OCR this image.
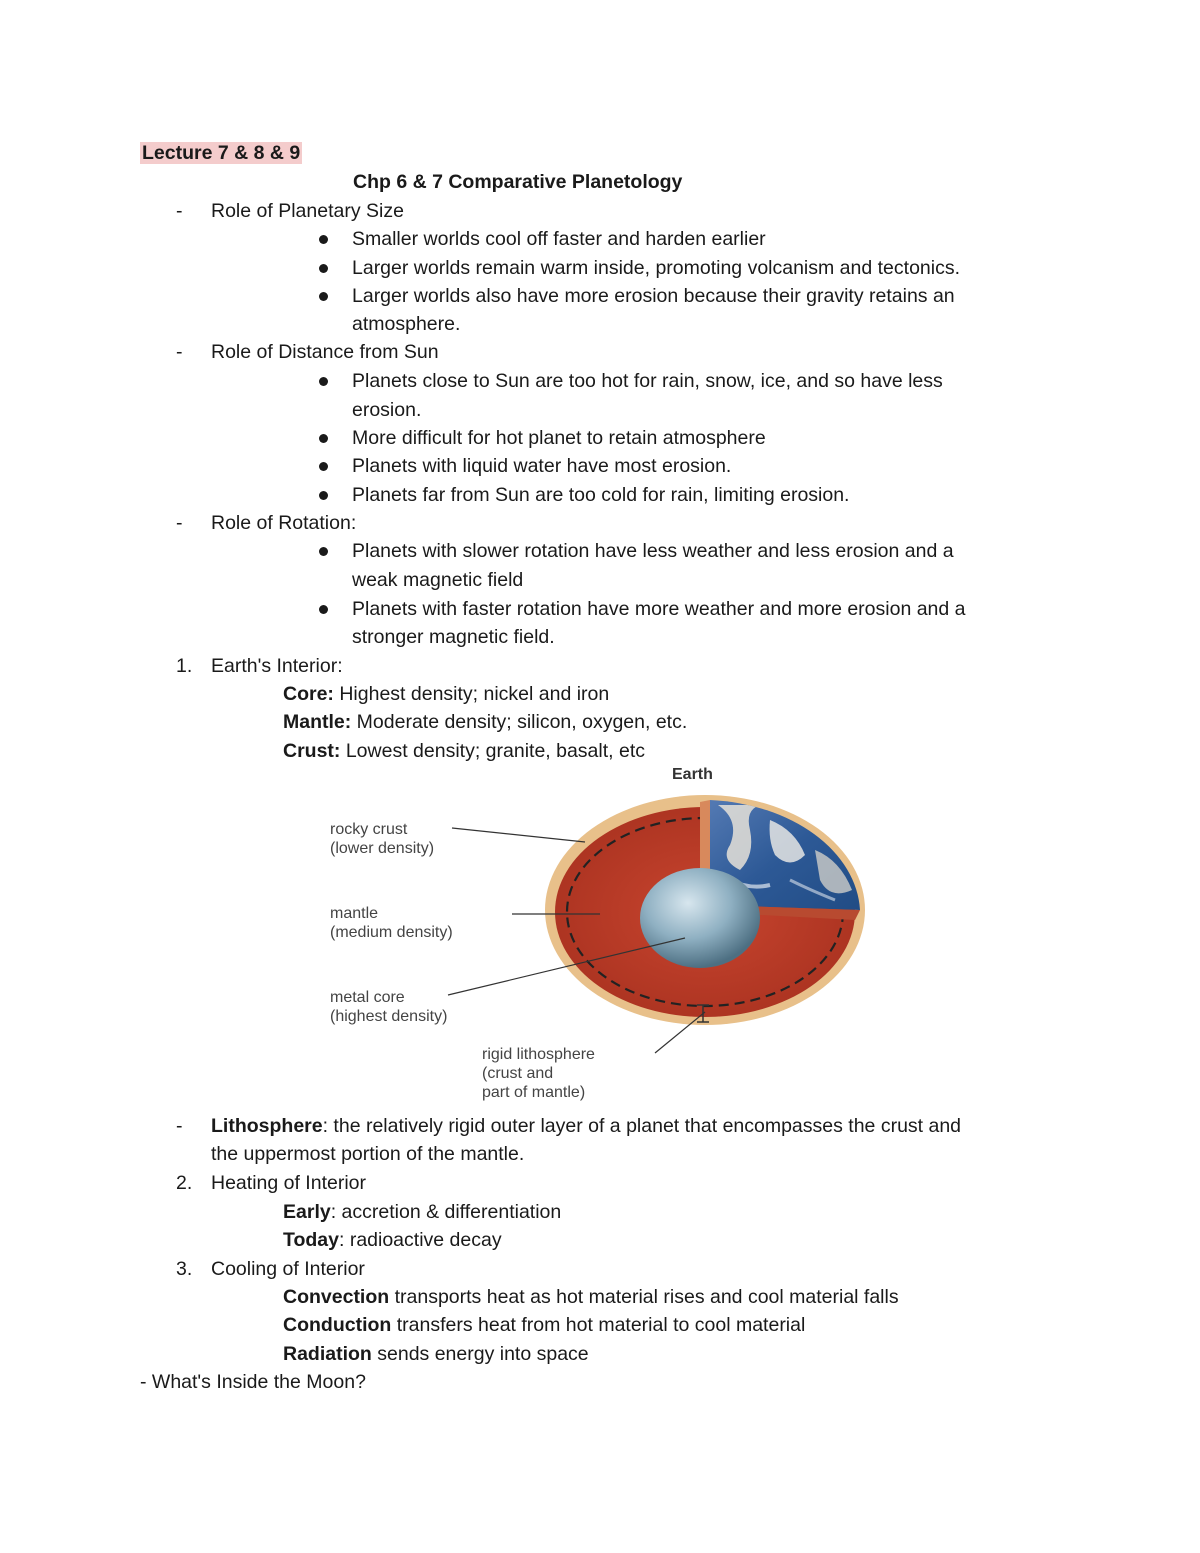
Lecture 7 & 8 & 9
Chp 6 & 7 Comparative Planetology
- Role of Planetary Size
Smaller worlds cool off faster and harden earlier
Larger worlds remain warm inside, promoting volcanism and tectonics.
Larger worlds also have more erosion because their gravity retains an
atmosphere.
- Role of Distance from Sun
Planets close to Sun are too hot for rain, snow, ice, and so have less
erosion.
More difficult for hot planet to retain atmosphere
Planets with liquid water have most erosion.
Planets far from Sun are too cold for rain, limiting erosion.
- Role of Rotation:
Planets with slower rotation have less weather and less erosion and a
weak magnetic field
Planets with faster rotation have more weather and more erosion and a
stronger magnetic field.
1. Earth's Interior:
Core: Highest density; nickel and iron
Mantle: Moderate density; silicon, oxygen, etc.
Crust: Lowest density; granite, basalt, etc
Earth
rocky crust
(lower density)
mantle
(medium density)
metal core
(highest density)
rigid lithosphere
(crust and
part of mantle)
- Lithosphere: the relatively rigid outer layer of a planet that encompasses the crust and
the uppermost portion of the mantle.
2. Heating of Interior
Early: accretion & differentiation
Today: radioactive decay
3. Cooling of Interior
Convection transports heat as hot material rises and cool material falls
Conduction transfers heat from hot material to cool material
Radiation sends energy into space
- What's Inside the Moon?
